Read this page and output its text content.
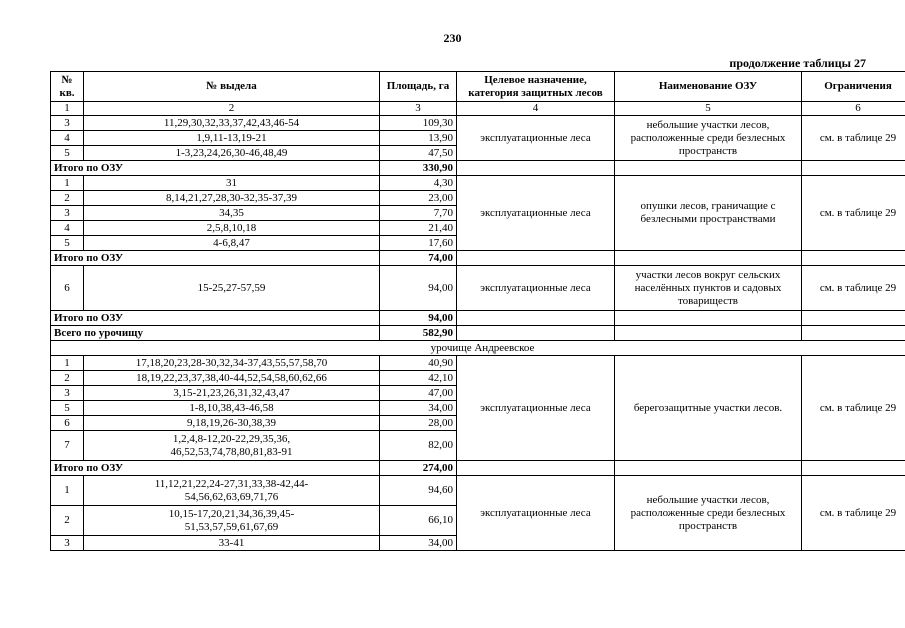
230
продолжение таблицы 27
№ кв.	№ выдела	Площадь, га	Целевое назначение, категория защитных лесов	Наименование ОЗУ	Ограничения
1	2	3	4	5	6
3	11,29,30,32,33,37,42,43,46-54	109,30	эксплуатационные леса	небольшие участки лесов, расположенные среди безлесных пространств	см. в таблице 29
4	1,9,11-13,19-21	13,90			
5	1-3,23,24,26,30-46,48,49	47,50			
Итого по ОЗУ		330,90			
1	31	4,30	эксплуатационные леса	опушки лесов, граничащие с безлесными пространствами	см. в таблице 29
2	8,14,21,27,28,30-32,35-37,39	23,00			
3	34,35	7,70			
4	2,5,8,10,18	21,40			
5	4-6,8,47	17,60			
Итого по ОЗУ		74,00			
6	15-25,27-57,59	94,00	эксплуатационные леса	участки лесов вокруг сельских населённых пунктов и садовых товариществ	см. в таблице 29
Итого по ОЗУ		94,00			
Всего по урочищу		582,90			
урочище Андреевское					
1	17,18,20,23,28-30,32,34-37,43,55,57,58,70	40,90	эксплуатационные леса	берегозащитные участки лесов.	см. в таблице 29
2	18,19,22,23,37,38,40-44,52,54,58,60,62,66	42,10			
3	3,15-21,23,26,31,32,43,47	47,00			
5	1-8,10,38,43-46,58	34,00			
6	9,18,19,26-30,38,39	28,00			
7	1,2,4,8-12,20-22,29,35,36,
46,52,53,74,78,80,81,83-91	82,00			
Итого по ОЗУ		274,00			
1	11,12,21,22,24-27,31,33,38-42,44-
54,56,62,63,69,71,76	94,60	эксплуатационные леса	небольшие участки лесов, расположенные среди безлесных пространств	см. в таблице 29
2	10,15-17,20,21,34,36,39,45-
51,53,57,59,61,67,69	66,10			
3	33-41	34,00			
